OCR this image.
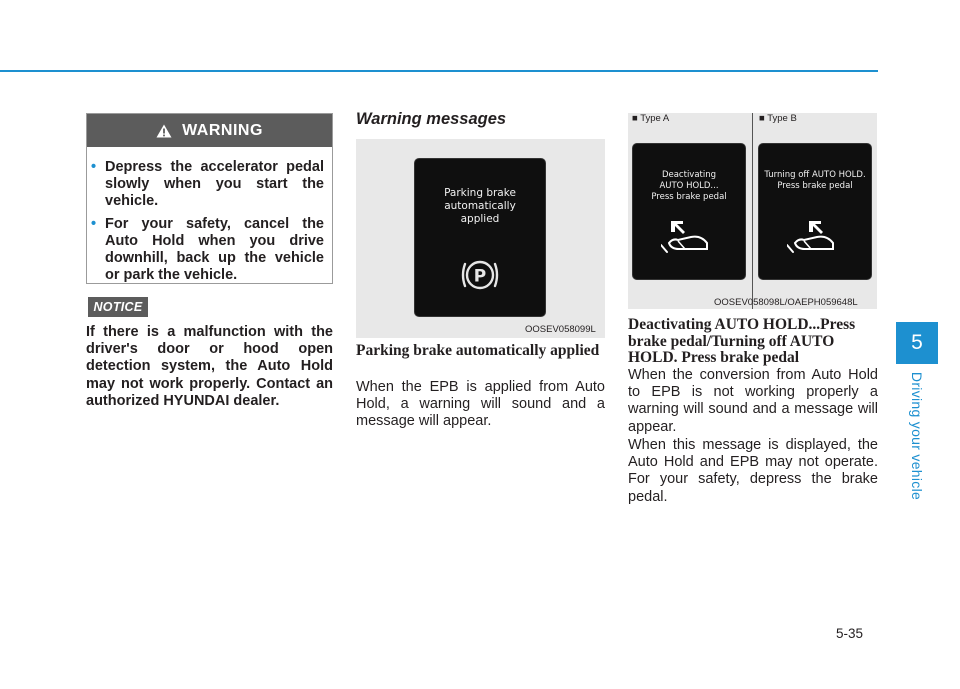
5
Driving your vehicle
WARNING
• Depress the accelerator pedal slowly when you start the vehicle.
• For your safety, cancel the Auto Hold when you drive downhill, back up the vehicle or park the vehicle.
NOTICE

If there is a malfunction with the driver's door or hood open detection system, the Auto Hold may not work properly. Contact an authorized HYUNDAI dealer.

Warning messages
Parking brake
automatically
applied
P
OOSEV058099L
Parking brake automatically applied

When the EPB is applied from Auto Hold, a warning will sound and a message will appear.

■ Type A	■ Type B
Deactivating
AUTO HOLD...
Press brake pedal
Turning off AUTO HOLD.
Press brake pedal
OOSEV058098L/OAEPH059648L
Deactivating AUTO HOLD...Press brake pedal/Turning off AUTO HOLD. Press brake pedal

When the conversion from Auto Hold to EPB is not working properly a warning will sound and a message will appear.

When this message is displayed, the Auto Hold and EPB may not operate. For your safety, depress the brake pedal.

5-35
